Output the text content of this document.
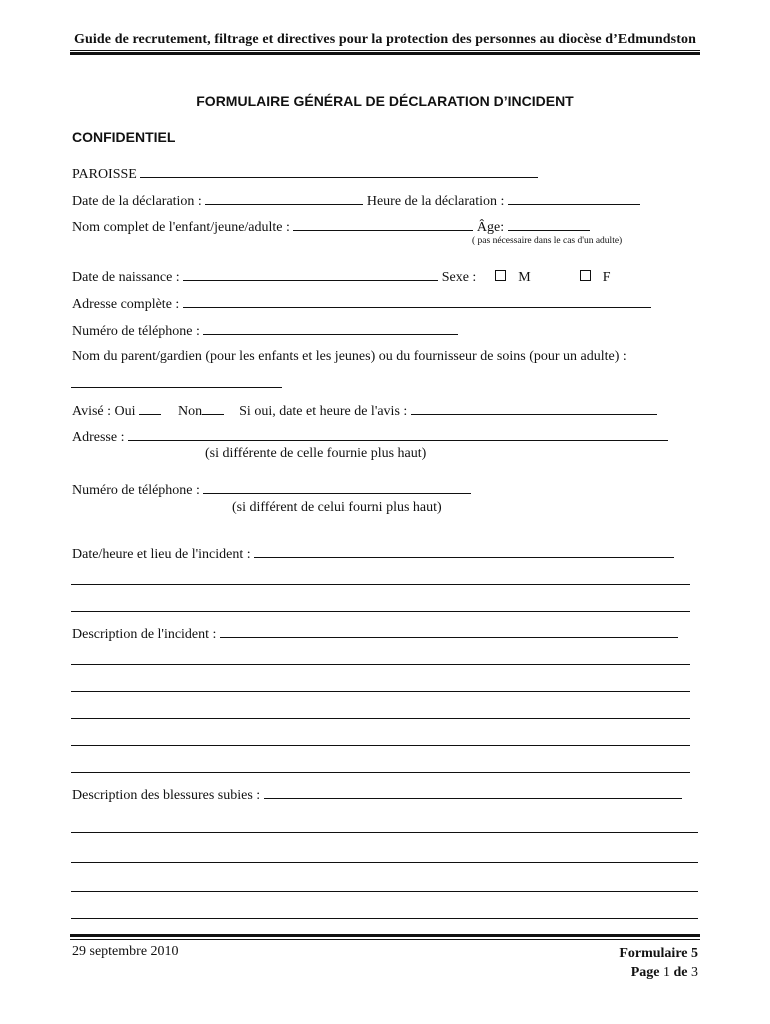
Guide de recrutement, filtrage et directives pour la protection des personnes au diocèse d’Edmundston
FORMULAIRE GÉNÉRAL DE DÉCLARATION D’INCIDENT
CONFIDENTIEL
PAROISSE
Date de la déclaration :	Heure de la déclaration :
Nom complet de l'enfant/jeune/adulte :	Âge:
( pas nécessaire dans le cas d'un adulte)
Date de naissance :	Sexe :	M	F
Adresse complète :
Numéro de téléphone :
Nom du parent/gardien (pour les enfants et les jeunes) ou du fournisseur de soins (pour un adulte) :
Avisé : Oui	Non	Si oui, date et heure de l'avis :
Adresse :
(si différente de celle fournie plus haut)
Numéro de téléphone :
(si différent de celui fourni plus haut)
Date/heure et lieu de l'incident :
Description de l'incident :
Description des blessures subies :
29 septembre 2010	Formulaire 5
Page 1 de 3
